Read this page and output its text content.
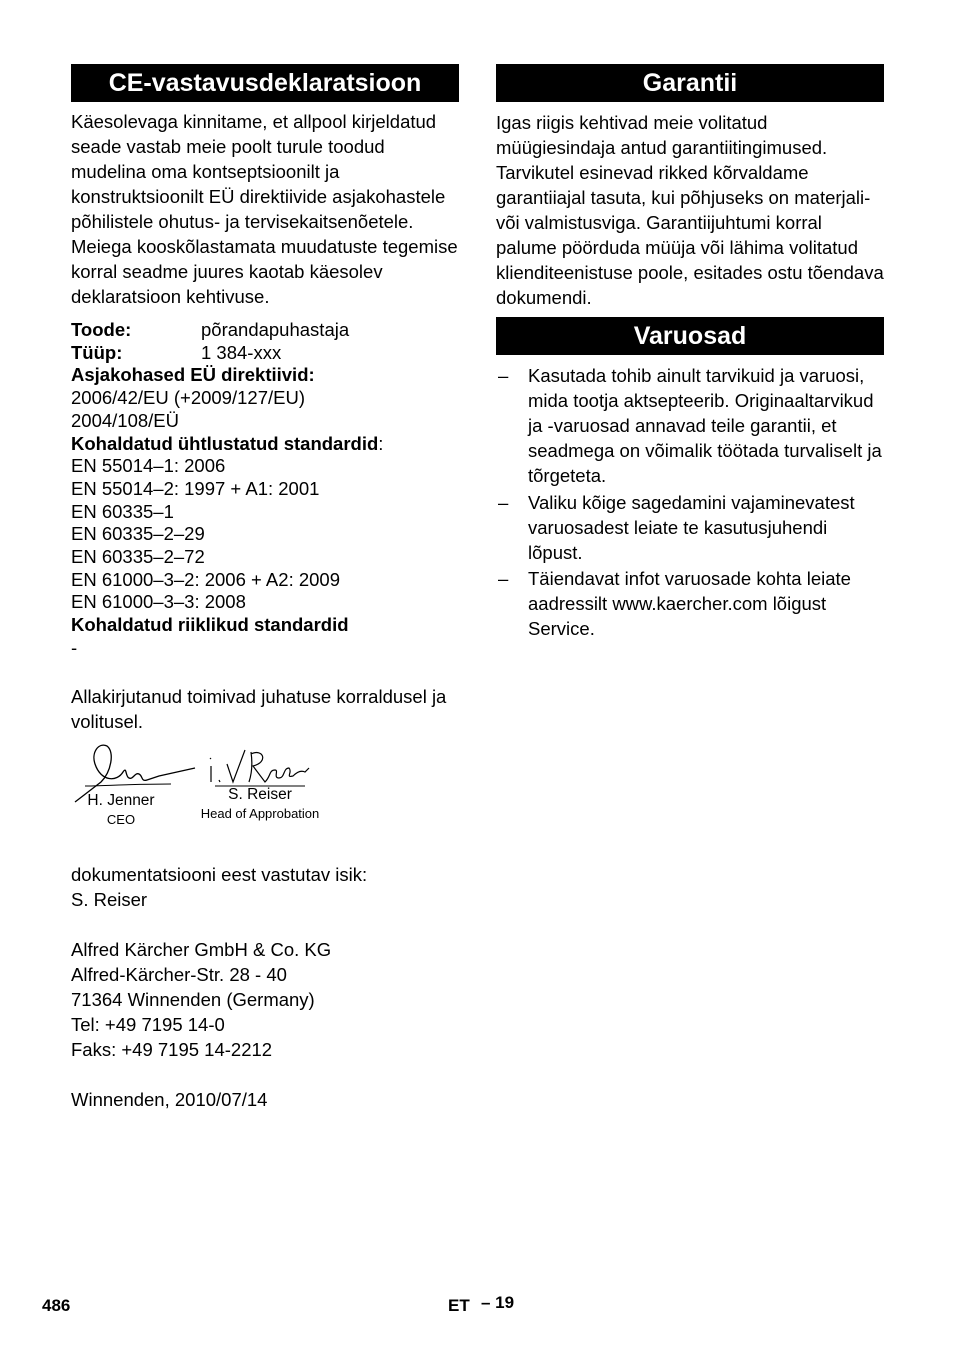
CE-vastavusdeklaratsioon

Käesolevaga kinnitame, et allpool kirjeldatud seade vastab meie poolt turule toodud mudelina oma kontseptsioonilt ja konstruktsioonilt EÜ direktiivide asjakohastele põhilistele ohutus- ja tervisekaitsenõetele. Meiega kooskõlastamata muudatuste tegemise korral seadme juures kaotab käesolev deklaratsioon kehtivuse.

Toode:	põrandapuhastaja
Tüüp:	1 384-xxx
Asjakohased EÜ direktiivid:
2006/42/EU (+2009/127/EU)
2004/108/EÜ
Kohaldatud ühtlustatud standardid:
EN 55014–1: 2006
EN 55014–2: 1997 + A1: 2001
EN 60335–1
EN 60335–2–29
EN 60335–2–72
EN 61000–3–2: 2006 + A2: 2009
EN 61000–3–3: 2008
Kohaldatud riiklikud standardid
-

Allakirjutanud toimivad juhatuse korraldusel ja volitusel.

H. Jenner
CEO
S. Reiser
Head of Approbation
dokumentatsiooni eest vastutav isik:
S. Reiser
Alfred Kärcher GmbH & Co. KG
Alfred-Kärcher-Str. 28 - 40
71364 Winnenden (Germany)
Tel: +49 7195 14-0
Faks: +49 7195 14-2212

Winnenden, 2010/07/14

Garantii

Igas riigis kehtivad meie volitatud müügiesindaja antud garantiitingimused. Tarvikutel esinevad rikked kõrvaldame garantiiajal tasuta, kui põhjuseks on materjali- või valmistusviga. Garantiijuhtumi korral palume pöörduda müüja või lähima volitatud klienditeenistuse poole, esitades ostu tõendava dokumendi.

Varuosad
– Kasutada tohib ainult tarvikuid ja varuosi, mida tootja aktsepteerib. Originaaltarvikud ja -varuosad annavad teile garantii, et seadmega on võimalik töötada turvaliselt ja tõrgeteta.
– Valiku kõige sagedamini vajaminevatest varuosadest leiate te kasutusjuhendi lõpust.
– Täiendavat infot varuosade kohta leiate aadressilt www.kaercher.com lõigust Service.
486	ET – 19
